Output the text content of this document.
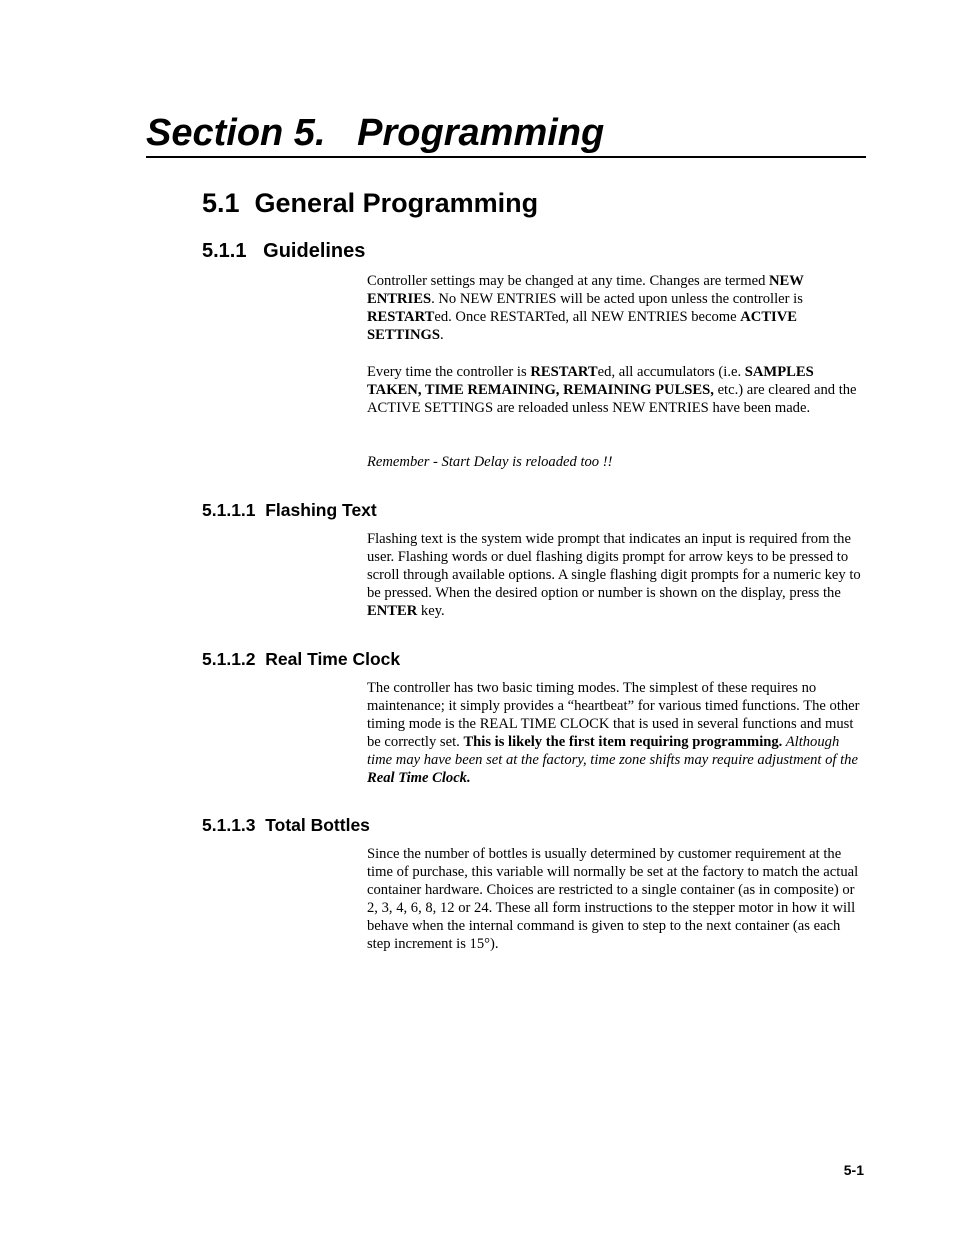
Section 5.   Programming
5.1  General Programming
5.1.1   Guidelines
Controller settings may be changed at any time. Changes are termed NEW ENTRIES. No NEW ENTRIES will be acted upon unless the controller is RESTARTed. Once RESTARTed, all NEW ENTRIES become ACTIVE SETTINGS.
Every time the controller is RESTARTed, all accumulators (i.e. SAMPLES TAKEN, TIME REMAINING, REMAINING PULSES, etc.) are cleared and the ACTIVE SETTINGS are reloaded unless NEW ENTRIES have been made.
Remember - Start Delay is reloaded too !!
5.1.1.1  Flashing Text
Flashing text is the system wide prompt that indicates an input is required from the user. Flashing words or duel flashing digits prompt for arrow keys to be pressed to scroll through available options. A single flashing digit prompts for a numeric key to be pressed. When the desired option or number is shown on the display, press the ENTER key.
5.1.1.2  Real Time Clock
The controller has two basic timing modes. The simplest of these requires no maintenance; it simply provides a “heartbeat” for various timed functions. The other timing mode is the REAL TIME CLOCK that is used in several functions and must be correctly set. This is likely the first item requiring programming. Although time may have been set at the factory, time zone shifts may require adjustment of the Real Time Clock.
5.1.1.3  Total Bottles
Since the number of bottles is usually determined by customer requirement at the time of purchase, this variable will normally be set at the factory to match the actual container hardware. Choices are restricted to a single container (as in composite) or 2, 3, 4, 6, 8, 12 or 24. These all form instructions to the stepper motor in how it will behave when the internal command is given to step to the next container (as each step increment is 15°).
5-1
